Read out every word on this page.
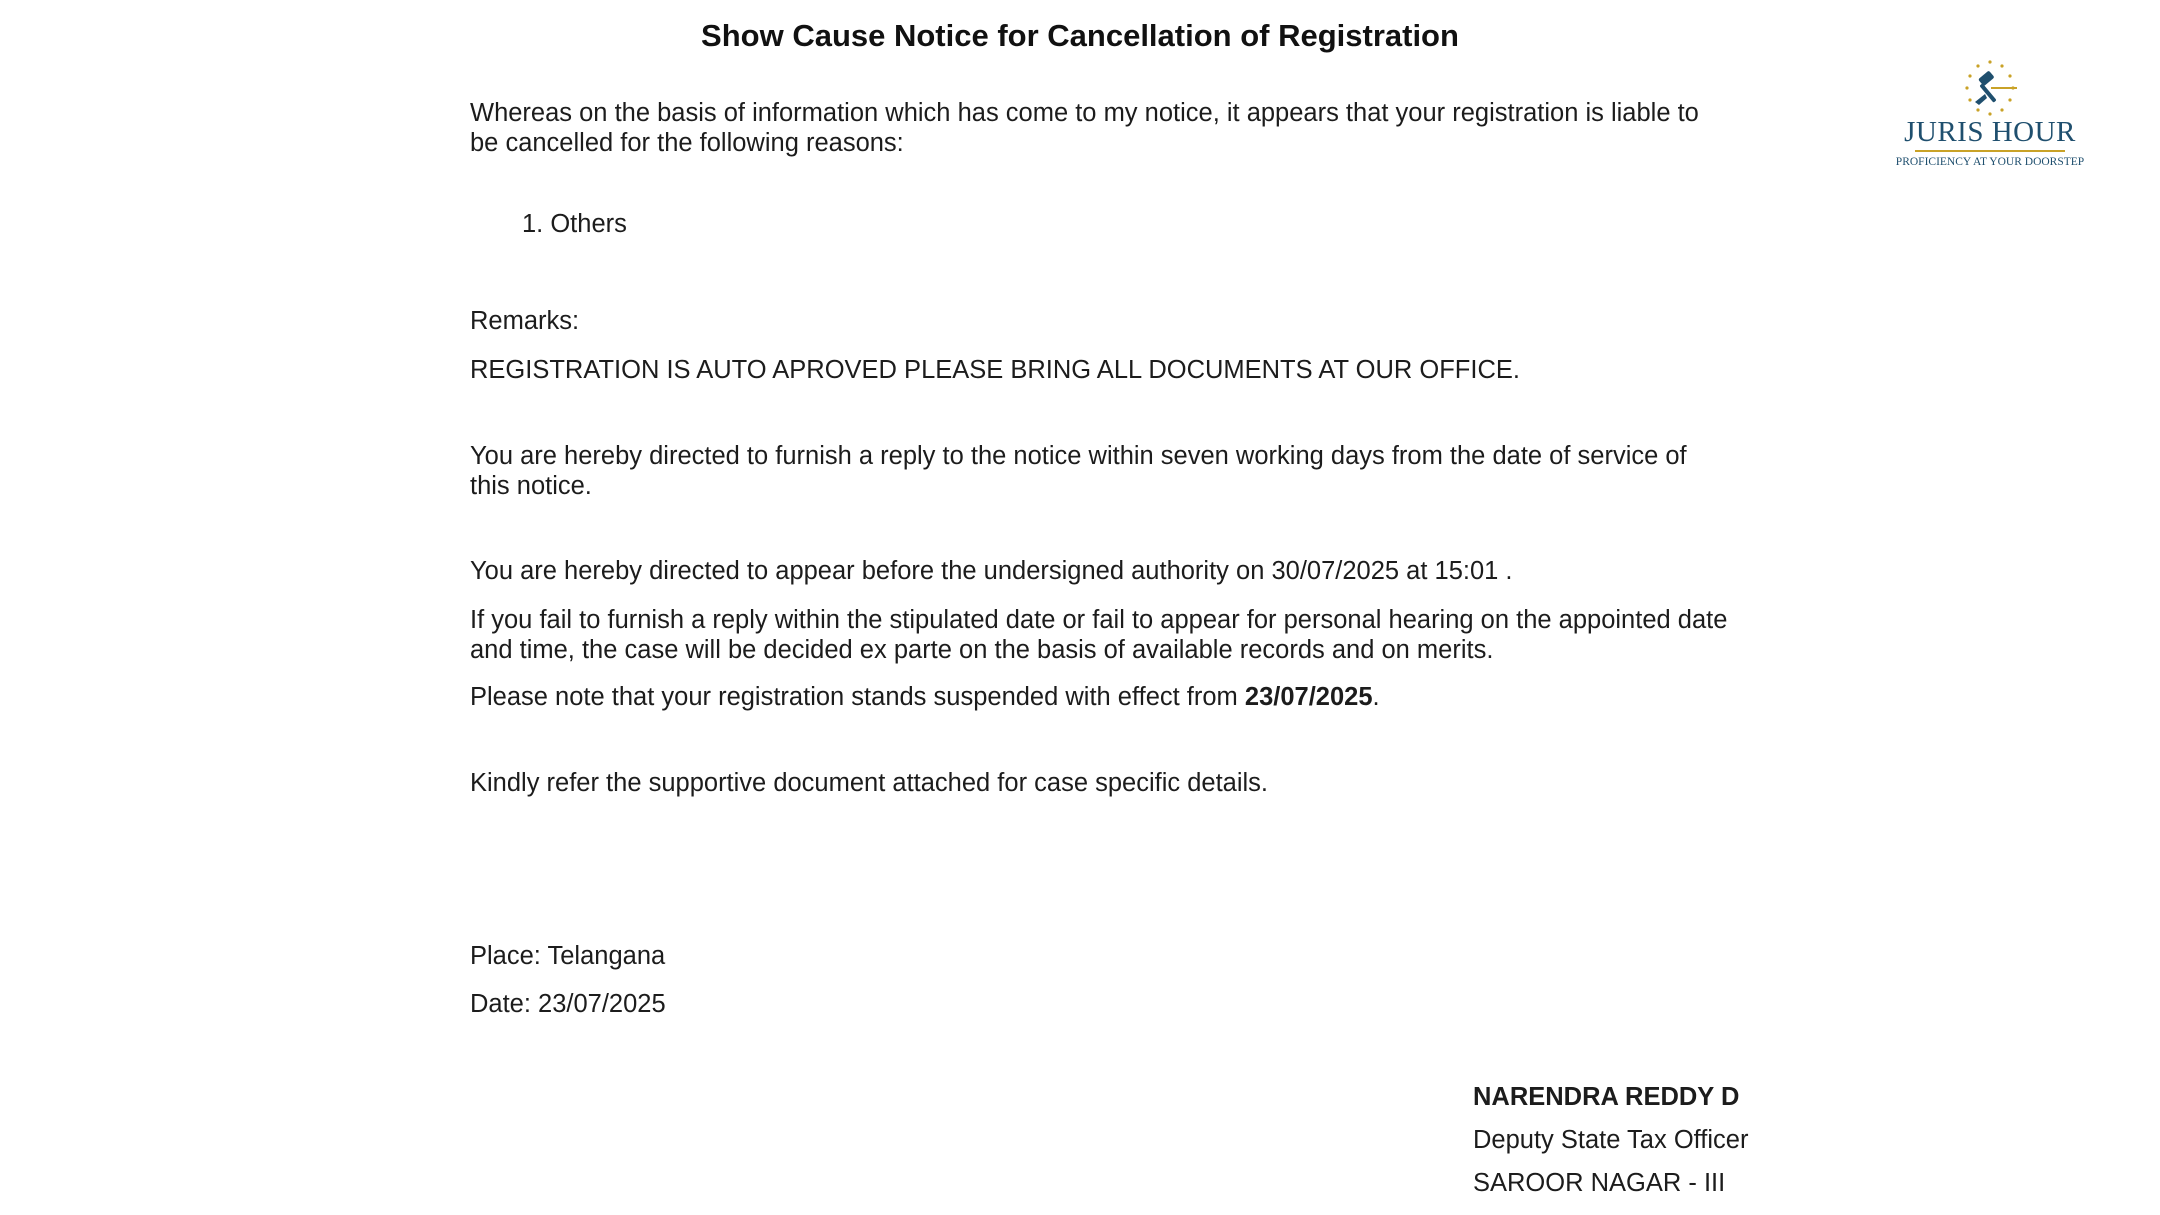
Show Cause Notice for Cancellation of Registration
Whereas on the basis of information which has come to my notice, it appears that your registration is liable to
be cancelled for the following reasons:
1. Others
Remarks:
REGISTRATION IS AUTO APROVED PLEASE BRING ALL DOCUMENTS AT OUR OFFICE.
You are hereby directed to furnish a reply to the notice within seven working days from the date of service of
this notice.
You are hereby directed to appear before the undersigned authority on 30/07/2025 at 15:01 .
If you fail to furnish a reply within the stipulated date or fail to appear for personal hearing on the appointed date
and time, the case will be decided ex parte on the basis of available records and on merits.
Please note that your registration stands suspended with effect from 23/07/2025.
Kindly refer the supportive document attached for case specific details.
Place: Telangana
Date: 23/07/2025
NARENDRA REDDY D
Deputy State Tax Officer
SAROOR NAGAR - III
JURIS HOUR
PROFICIENCY AT YOUR DOORSTEP
